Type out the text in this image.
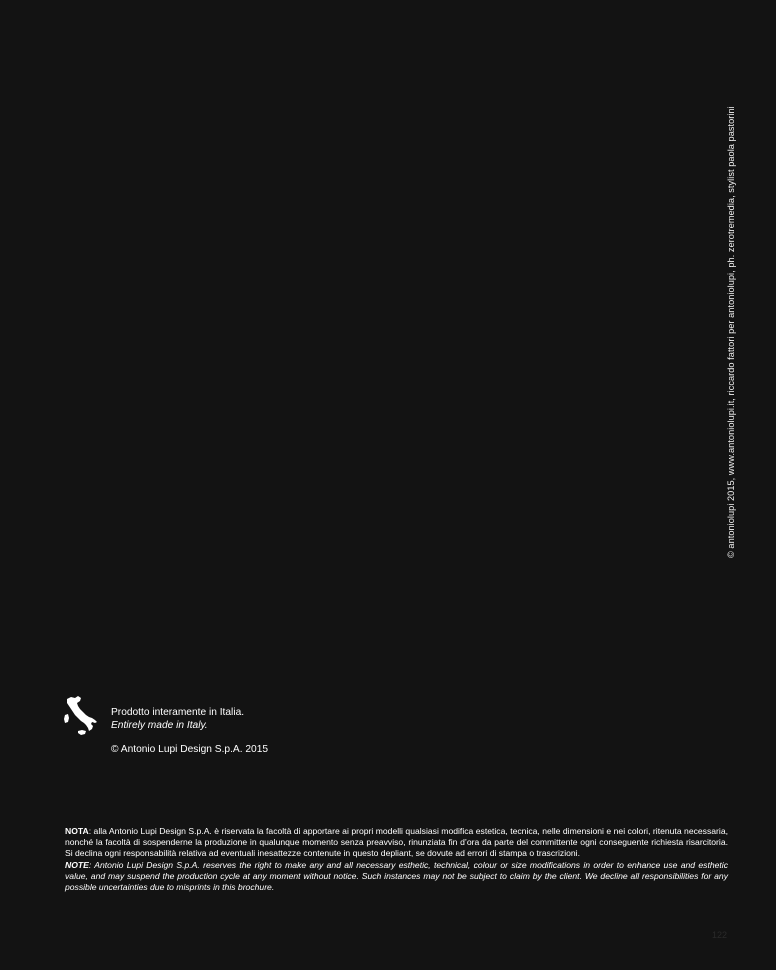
© antoniolupi 2015, www.antoniolupi.it, riccardo fattori per antoniolupi, ph. zerotremedia, stylist paola pastorini
Prodotto interamente in Italia.
Entirely made in Italy.
© Antonio Lupi Design S.p.A. 2015

NOTA: alla Antonio Lupi Design S.p.A. è riservata la facoltà di apportare ai propri modelli qualsiasi modifica estetica, tecnica, nelle dimensioni e nei colori, ritenuta necessaria, nonché la facoltà di sospenderne la produzione in qualunque momento senza preavviso, rinunziata fin d’ora da parte del committente ogni conseguente richiesta risarcitoria. Si declina ogni responsabilità relativa ad eventuali inesattezze contenute in questo depliant, se dovute ad errori di stampa o trascrizioni.

NOTE: Antonio Lupi Design S.p.A. reserves the right to make any and all necessary esthetic, technical, colour or size modifications in order to enhance use and esthetic value, and may suspend the production cycle at any moment without notice. Such instances may not be subject to claim by the client. We decline all responsibilities for any possible uncertainties due to misprints in this brochure.

122
